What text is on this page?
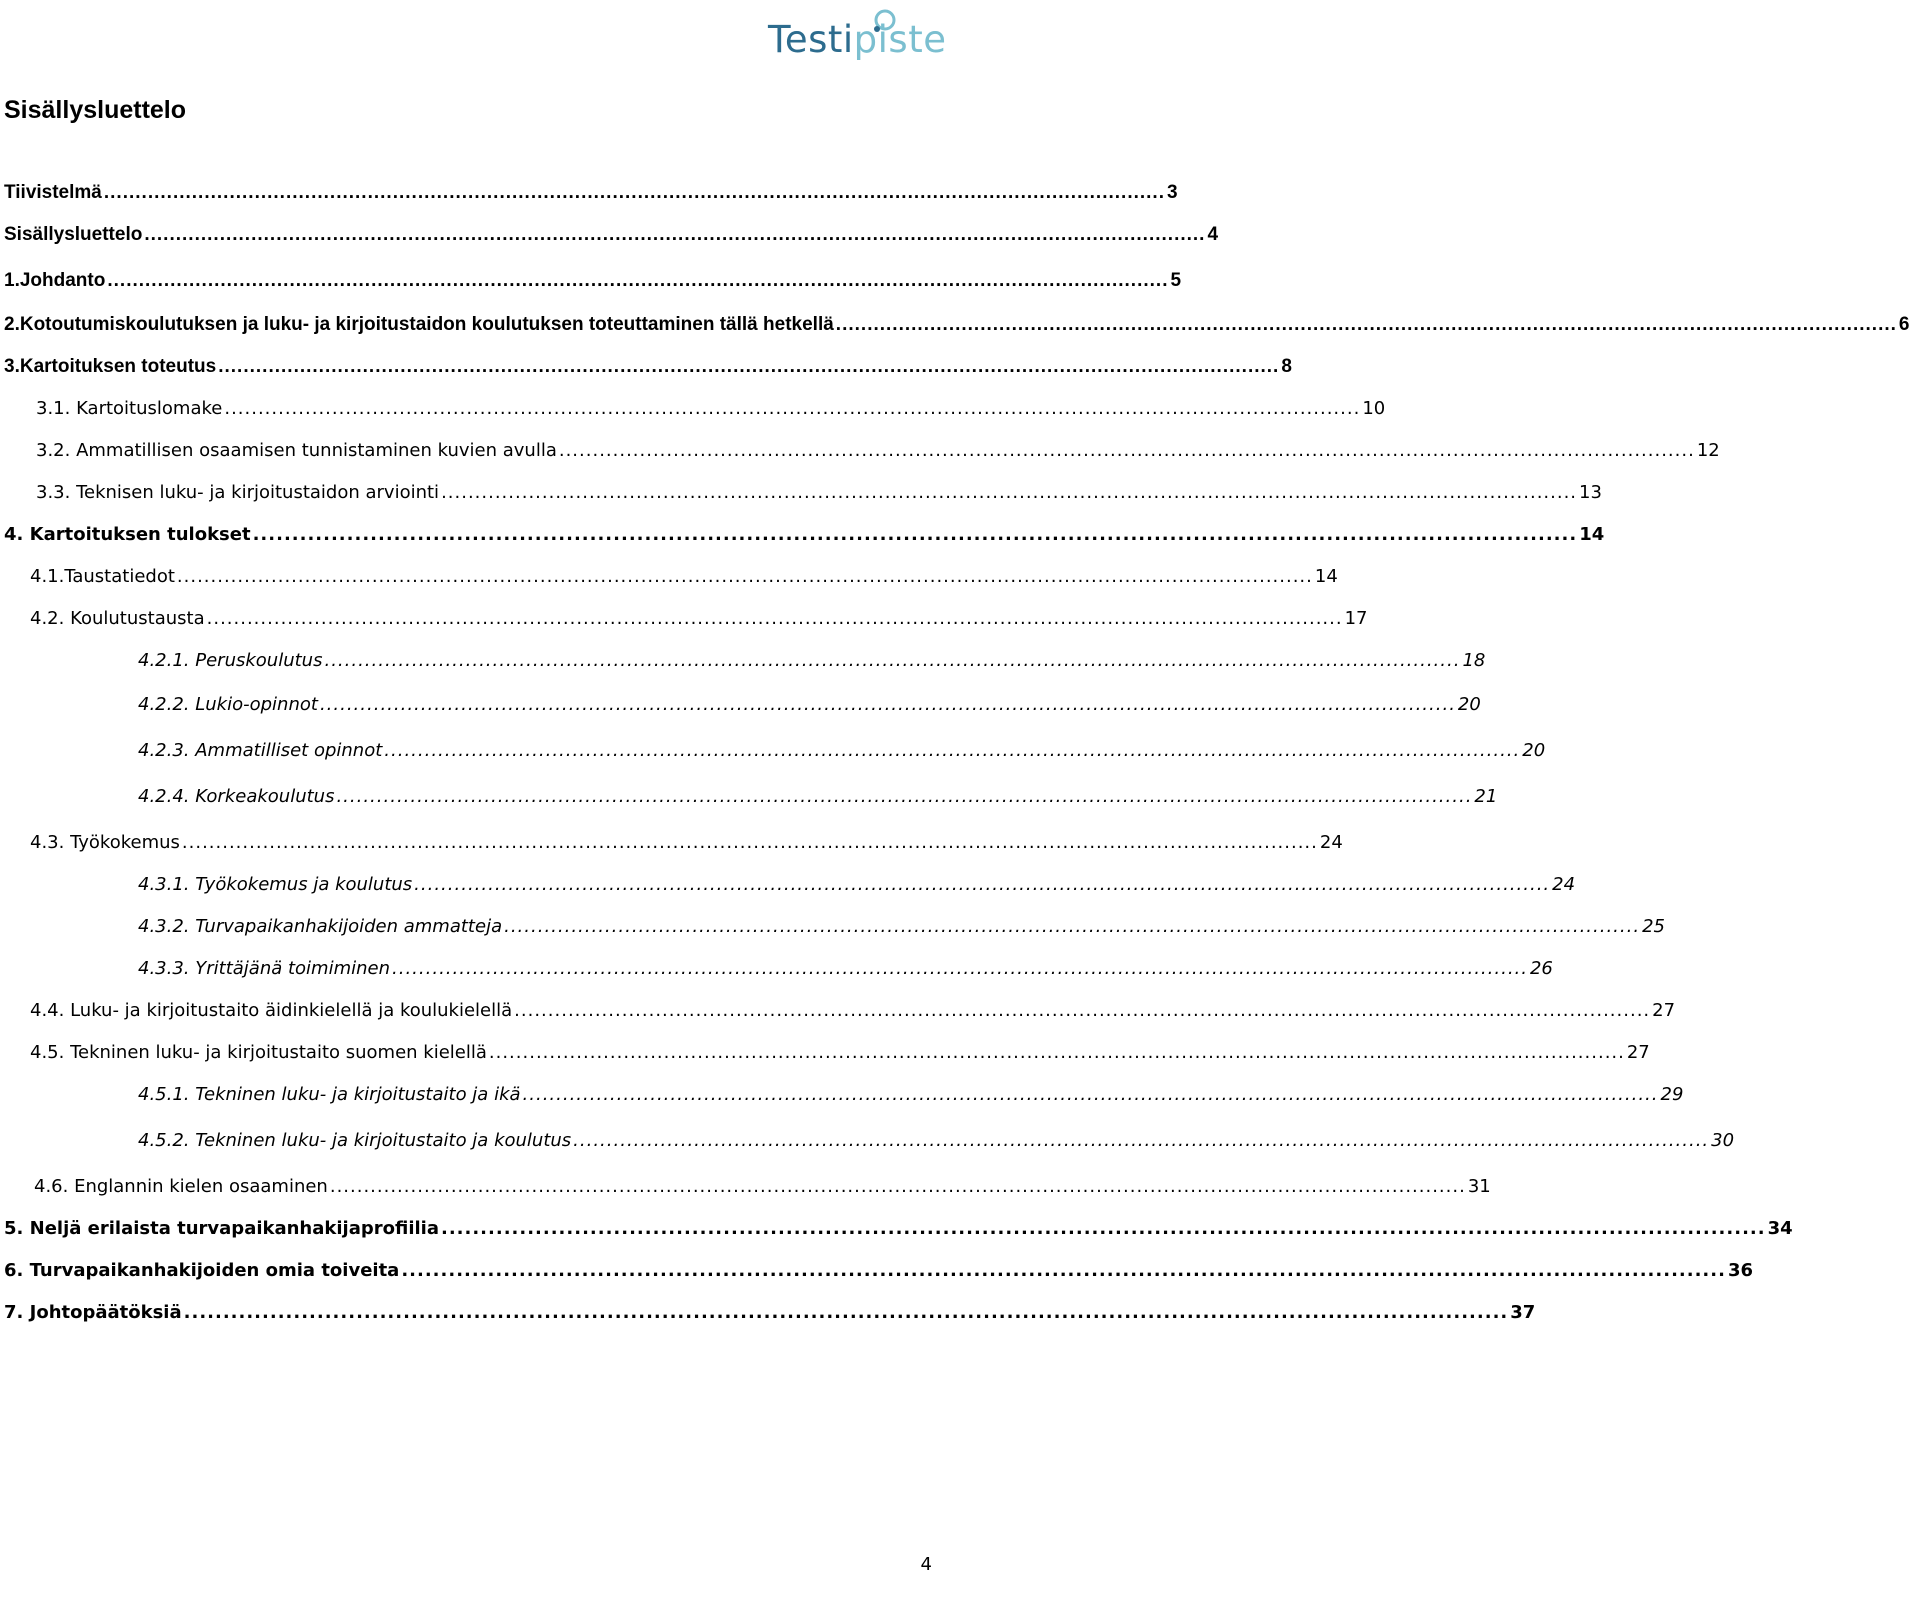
Testipiste
Sisällysluettelo
Tiivistelmä ......................................................................................................................................................................... 3
Sisällysluettelo ......................................................................................................................................................................... 4
1. Johdanto ......................................................................................................................................................................... 5
2. Kotoutumiskoulutuksen ja luku- ja kirjoitustaidon koulutuksen toteuttaminen tällä hetkellä ......................................................................................................................................................................... 6
3. Kartoituksen toteutus ......................................................................................................................................................................... 8
3.1. Kartoituslomake ......................................................................................................................................................................... 10
3.2. Ammatillisen osaamisen tunnistaminen kuvien avulla ......................................................................................................................................................................... 12
3.3. Teknisen luku- ja kirjoitustaidon arviointi ......................................................................................................................................................................... 13
4. Kartoituksen tulokset ......................................................................................................................................................................... 14
4.1.Taustatiedot ......................................................................................................................................................................... 14
4.2. Koulutustausta ......................................................................................................................................................................... 17
4.2.1. Peruskoulutus ......................................................................................................................................................................... 18
4.2.2. Lukio-opinnot ......................................................................................................................................................................... 20
4.2.3. Ammatilliset opinnot ......................................................................................................................................................................... 20
4.2.4. Korkeakoulutus ......................................................................................................................................................................... 21
4.3. Työkokemus ......................................................................................................................................................................... 24
4.3.1. Työkokemus ja koulutus ......................................................................................................................................................................... 24
4.3.2. Turvapaikanhakijoiden ammatteja ......................................................................................................................................................................... 25
4.3.3. Yrittäjänä toimiminen ......................................................................................................................................................................... 26
4.4. Luku- ja kirjoitustaito äidinkielellä ja koulukielellä ......................................................................................................................................................................... 27
4.5. Tekninen luku- ja kirjoitustaito suomen kielellä ......................................................................................................................................................................... 27
4.5.1. Tekninen luku- ja kirjoitustaito ja ikä ......................................................................................................................................................................... 29
4.5.2. Tekninen luku- ja kirjoitustaito ja koulutus ......................................................................................................................................................................... 30
4.6. Englannin kielen osaaminen ......................................................................................................................................................................... 31
5. Neljä erilaista turvapaikanhakijaprofiilia ......................................................................................................................................................................... 34
6. Turvapaikanhakijoiden omia toiveita ......................................................................................................................................................................... 36
7. Johtopäätöksiä ......................................................................................................................................................................... 37
4
